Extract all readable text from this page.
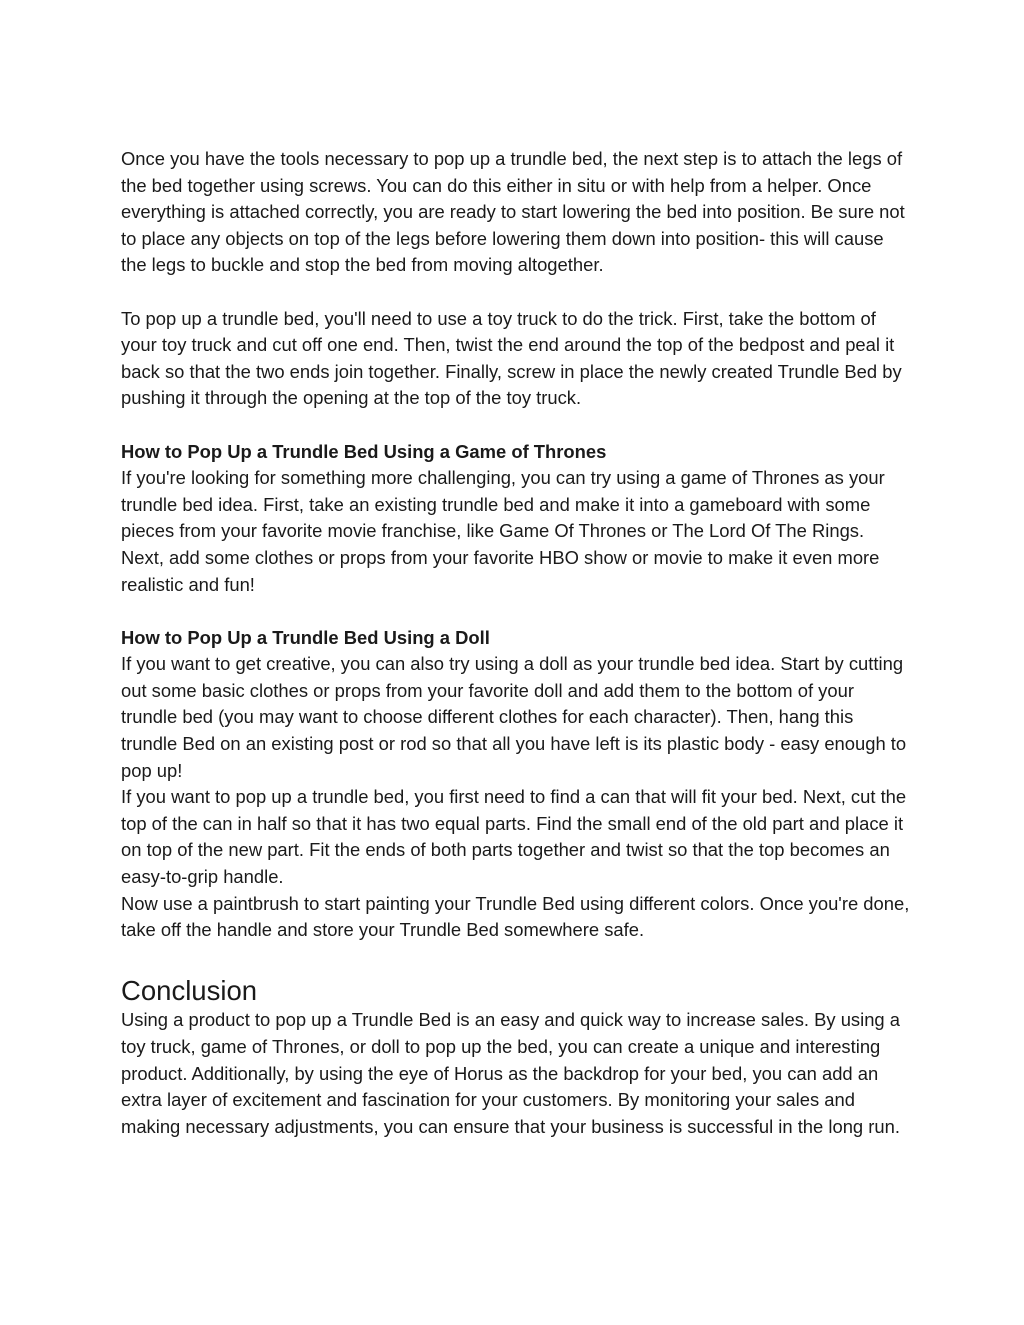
Once you have the tools necessary to pop up a trundle bed, the next step is to attach the legs of the bed together using screws. You can do this either in situ or with help from a helper. Once everything is attached correctly, you are ready to start lowering the bed into position. Be sure not to place any objects on top of the legs before lowering them down into position- this will cause the legs to buckle and stop the bed from moving altogether.

To pop up a trundle bed, you'll need to use a toy truck to do the trick. First, take the bottom of your toy truck and cut off one end. Then, twist the end around the top of the bedpost and peal it back so that the two ends join together. Finally, screw in place the newly created Trundle Bed by pushing it through the opening at the top of the toy truck.

How to Pop Up a Trundle Bed Using a Game of Thrones

If you're looking for something more challenging, you can try using a game of Thrones as your trundle bed idea. First, take an existing trundle bed and make it into a gameboard with some pieces from your favorite movie franchise, like Game Of Thrones or The Lord Of The Rings. Next, add some clothes or props from your favorite HBO show or movie to make it even more realistic and fun!

How to Pop Up a Trundle Bed Using a Doll

If you want to get creative, you can also try using a doll as your trundle bed idea. Start by cutting out some basic clothes or props from your favorite doll and add them to the bottom of your trundle bed (you may want to choose different clothes for each character). Then, hang this trundle Bed on an existing post or rod so that all you have left is its plastic body - easy enough to pop up!

If you want to pop up a trundle bed, you first need to find a can that will fit your bed. Next, cut the top of the can in half so that it has two equal parts. Find the small end of the old part and place it on top of the new part. Fit the ends of both parts together and twist so that the top becomes an easy-to-grip handle.

Now use a paintbrush to start painting your Trundle Bed using different colors. Once you're done, take off the handle and store your Trundle Bed somewhere safe.

Conclusion

Using a product to pop up a Trundle Bed is an easy and quick way to increase sales. By using a toy truck, game of Thrones, or doll to pop up the bed, you can create a unique and interesting product. Additionally, by using the eye of Horus as the backdrop for your bed, you can add an extra layer of excitement and fascination for your customers. By monitoring your sales and making necessary adjustments, you can ensure that your business is successful in the long run.
